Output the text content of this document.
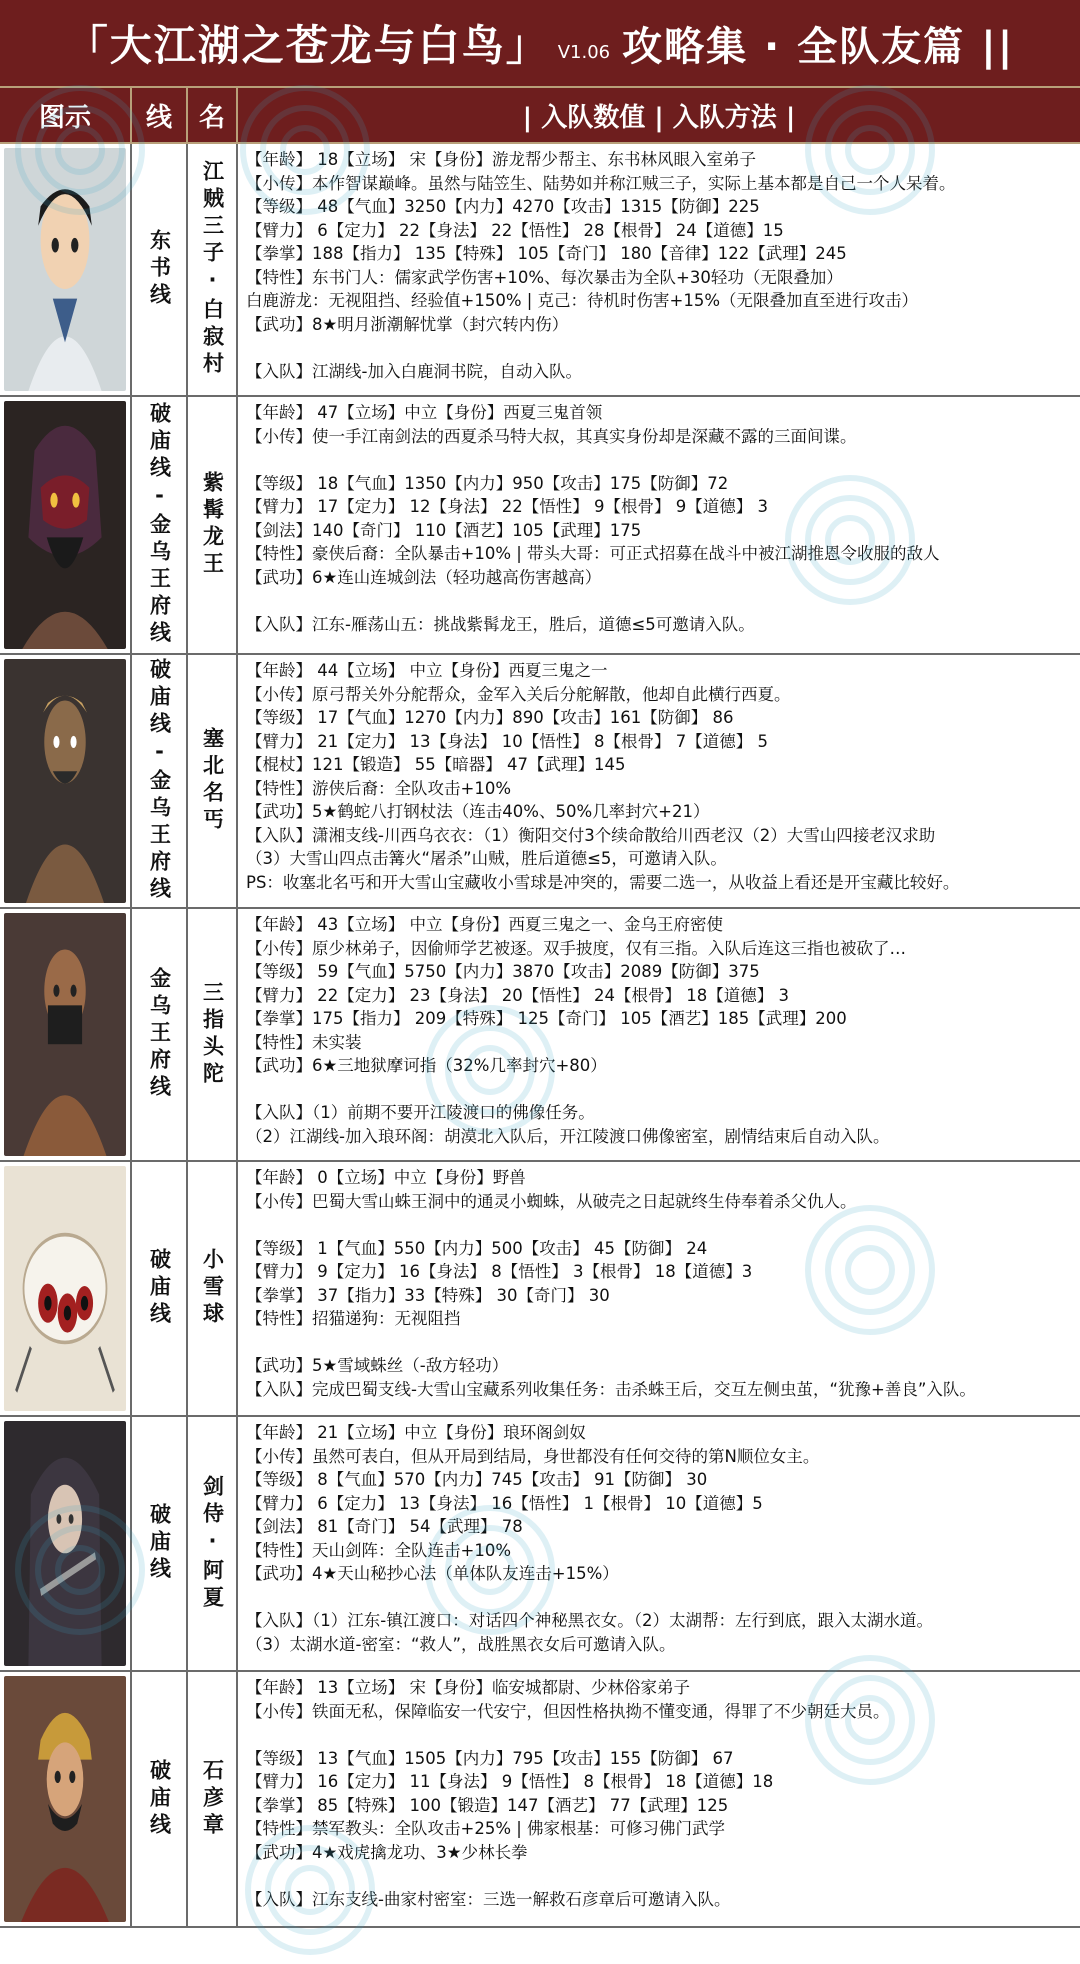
「大江湖之苍龙与白鸟」 V1.06 攻略集 · 全队友篇 ||
图示	线	名	| 入队数值 | 入队方法 |
东书线 江贼三子·白寂村
【年龄】 18【立场】 宋【身份】游龙帮少帮主、东书林风眼入室弟子
【小传】本作智谋巅峰。虽然与陆笠生、陆势如并称江贼三子，实际上基本都是自己一个人呆着。
【等级】 48【气血】3250【内力】4270【攻击】1315【防御】225
【臂力】 6【定力】 22【身法】 22【悟性】 28【根骨】 24【道德】15
【拳掌】188【指力】 135【特殊】 105【奇门】 180【音律】122【武理】245
【特性】东书门人：儒家武学伤害+10%、每次暴击为全队+30轻功（无限叠加）
白鹿游龙：无视阻挡、经验值+150% | 克己：待机时伤害+15%（无限叠加直至进行攻击）
【武功】8★明月浙潮解忧掌（封穴转内伤）
【入队】江湖线-加入白鹿洞书院，自动入队。
破庙线-金乌王府线 紫髯龙王
【年龄】 47【立场】中立【身份】西夏三鬼首领
【小传】使一手江南剑法的西夏杀马特大叔，其真实身份却是深藏不露的三面间谍。
【等级】 18【气血】1350【内力】950【攻击】175【防御】72
【臂力】 17【定力】 12【身法】 22【悟性】 9【根骨】 9【道德】 3
【剑法】140【奇门】 110【酒艺】105【武理】175
【特性】豪侠后裔：全队暴击+10% | 带头大哥：可正式招募在战斗中被江湖推恩令收服的敌人
【武功】6★连山连城剑法（轻功越高伤害越高）
【入队】江东-雁荡山五：挑战紫髯龙王，胜后，道德≤5可邀请入队。
破庙线-金乌王府线 塞北名丐
【年龄】 44【立场】 中立【身份】西夏三鬼之一
【小传】原弓帮关外分舵帮众，金军入关后分舵解散，他却自此横行西夏。
【等级】 17【气血】1270【内力】890【攻击】161【防御】 86
【臂力】 21【定力】 13【身法】 10【悟性】 8【根骨】 7【道德】 5
【棍杖】121【锻造】 55【暗器】 47【武理】145
【特性】游侠后裔：全队攻击+10%
【武功】5★鹤蛇八打钢杖法（连击40%、50%几率封穴+21）
【入队】潇湘支线-川西乌衣衣：（1）衡阳交付3个续命散给川西老汉（2）大雪山四接老汉求助
（3）大雪山四点击篝火“屠杀”山贼，胜后道德≤5，可邀请入队。
PS：收塞北名丐和开大雪山宝藏收小雪球是冲突的，需要二选一，从收益上看还是开宝藏比较好。
金乌王府线 三指头陀
【年龄】 43【立场】 中立【身份】西夏三鬼之一、金乌王府密使
【小传】原少林弟子，因偷师学艺被逐。双手披度，仅有三指。入队后连这三指也被砍了…
【等级】 59【气血】5750【内力】3870【攻击】2089【防御】375
【臂力】 22【定力】 23【身法】 20【悟性】 24【根骨】 18【道德】 3
【拳掌】175【指力】 209【特殊】 125【奇门】 105【酒艺】185【武理】200
【特性】未实装
【武功】6★三地狱摩诃指（32%几率封穴+80）
【入队】（1）前期不要开江陵渡口的佛像任务。
（2）江湖线-加入琅环阁：胡漠北入队后，开江陵渡口佛像密室，剧情结束后自动入队。
破庙线 小雪球
【年龄】 0【立场】中立【身份】野兽
【小传】巴蜀大雪山蛛王洞中的通灵小蜘蛛，从破壳之日起就终生侍奉着杀父仇人。
【等级】 1【气血】550【内力】500【攻击】 45【防御】 24
【臂力】 9【定力】 16【身法】 8【悟性】 3【根骨】 18【道德】3
【拳掌】 37【指力】33【特殊】 30【奇门】 30
【特性】招猫递狗：无视阻挡
【武功】5★雪域蛛丝（-敌方轻功）
【入队】完成巴蜀支线-大雪山宝藏系列收集任务：击杀蛛王后，交互左侧虫茧，“犹豫+善良”入队。
破庙线 剑侍·阿夏
【年龄】 21【立场】中立【身份】琅环阁剑奴
【小传】虽然可表白，但从开局到结局，身世都没有任何交待的第N顺位女主。
【等级】 8【气血】570【内力】745【攻击】 91【防御】 30
【臂力】 6【定力】 13【身法】 16【悟性】 1【根骨】 10【道德】5
【剑法】 81【奇门】 54【武理】 78
【特性】天山剑阵：全队连击+10%
【武功】4★天山秘抄心法（单体队友连击+15%）
【入队】（1）江东-镇江渡口：对话四个神秘黑衣女。（2）太湖帮：左行到底，跟入太湖水道。
（3）太湖水道-密室：“救人”，战胜黑衣女后可邀请入队。
破庙线 石彦章
【年龄】 13【立场】 宋【身份】临安城都尉、少林俗家弟子
【小传】铁面无私，保障临安一代安宁，但因性格执拗不懂变通，得罪了不少朝廷大员。
【等级】 13【气血】1505【内力】795【攻击】155【防御】 67
【臂力】 16【定力】 11【身法】 9【悟性】 8【根骨】 18【道德】18
【拳掌】 85【特殊】 100【锻造】147【酒艺】 77【武理】125
【特性】禁军教头：全队攻击+25% | 佛家根基：可修习佛门武学
【武功】4★戏虎擒龙功、3★少林长拳
【入队】江东支线-曲家村密室：三选一解救石彦章后可邀请入队。
